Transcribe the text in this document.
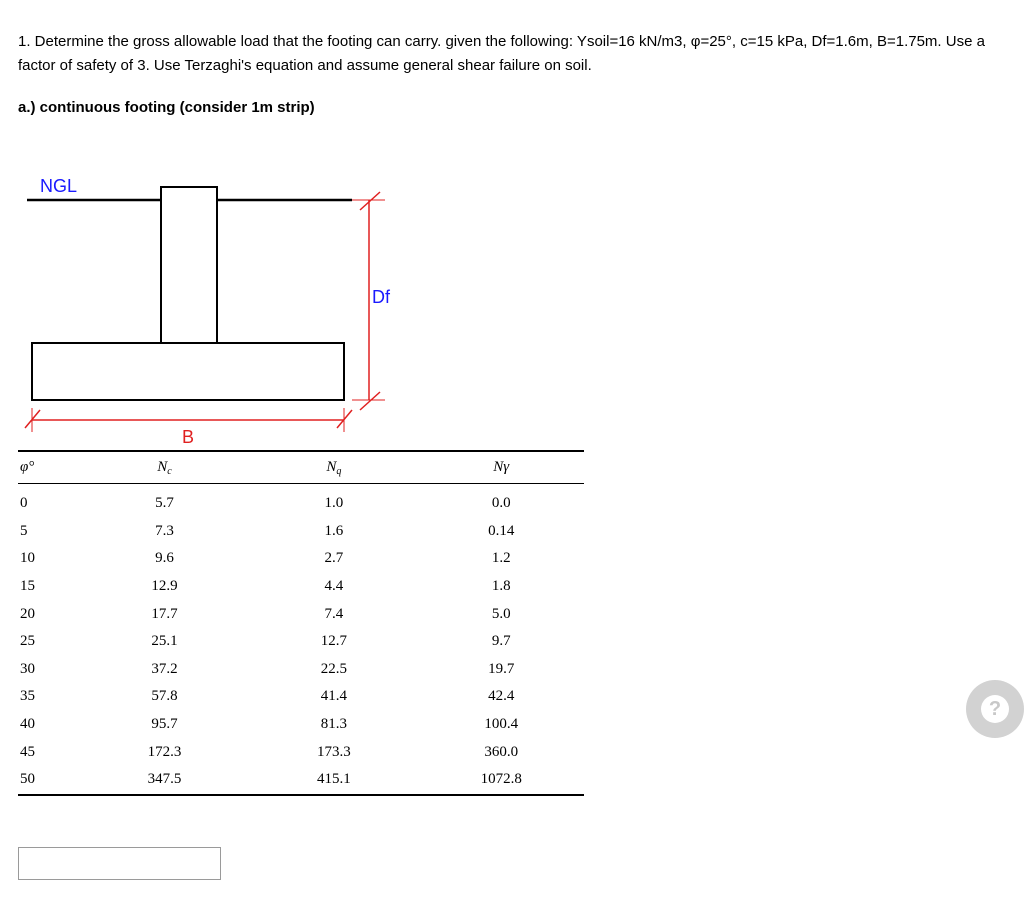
1. Determine the gross allowable load that the footing can carry. given the following: Ysoil=16 kN/m3, φ=25°, c=15 kPa, Df=1.6m, B=1.75m. Use a factor of safety of 3. Use Terzaghi's equation and assume general shear failure on soil.

a.) continuous footing (consider 1m strip)

NGL
Df
B
φ°	$N_c$	$N_q$	Nγ
0	5.7	1.0	0.0
5	7.3	1.6	0.14
10	9.6	2.7	1.2
15	12.9	4.4	1.8
20	17.7	7.4	5.0
25	25.1	12.7	9.7
30	37.2	22.5	19.7
35	57.8	41.4	42.4
40	95.7	81.3	100.4
45	172.3	173.3	360.0
50	347.5	415.1	1072.8
?
